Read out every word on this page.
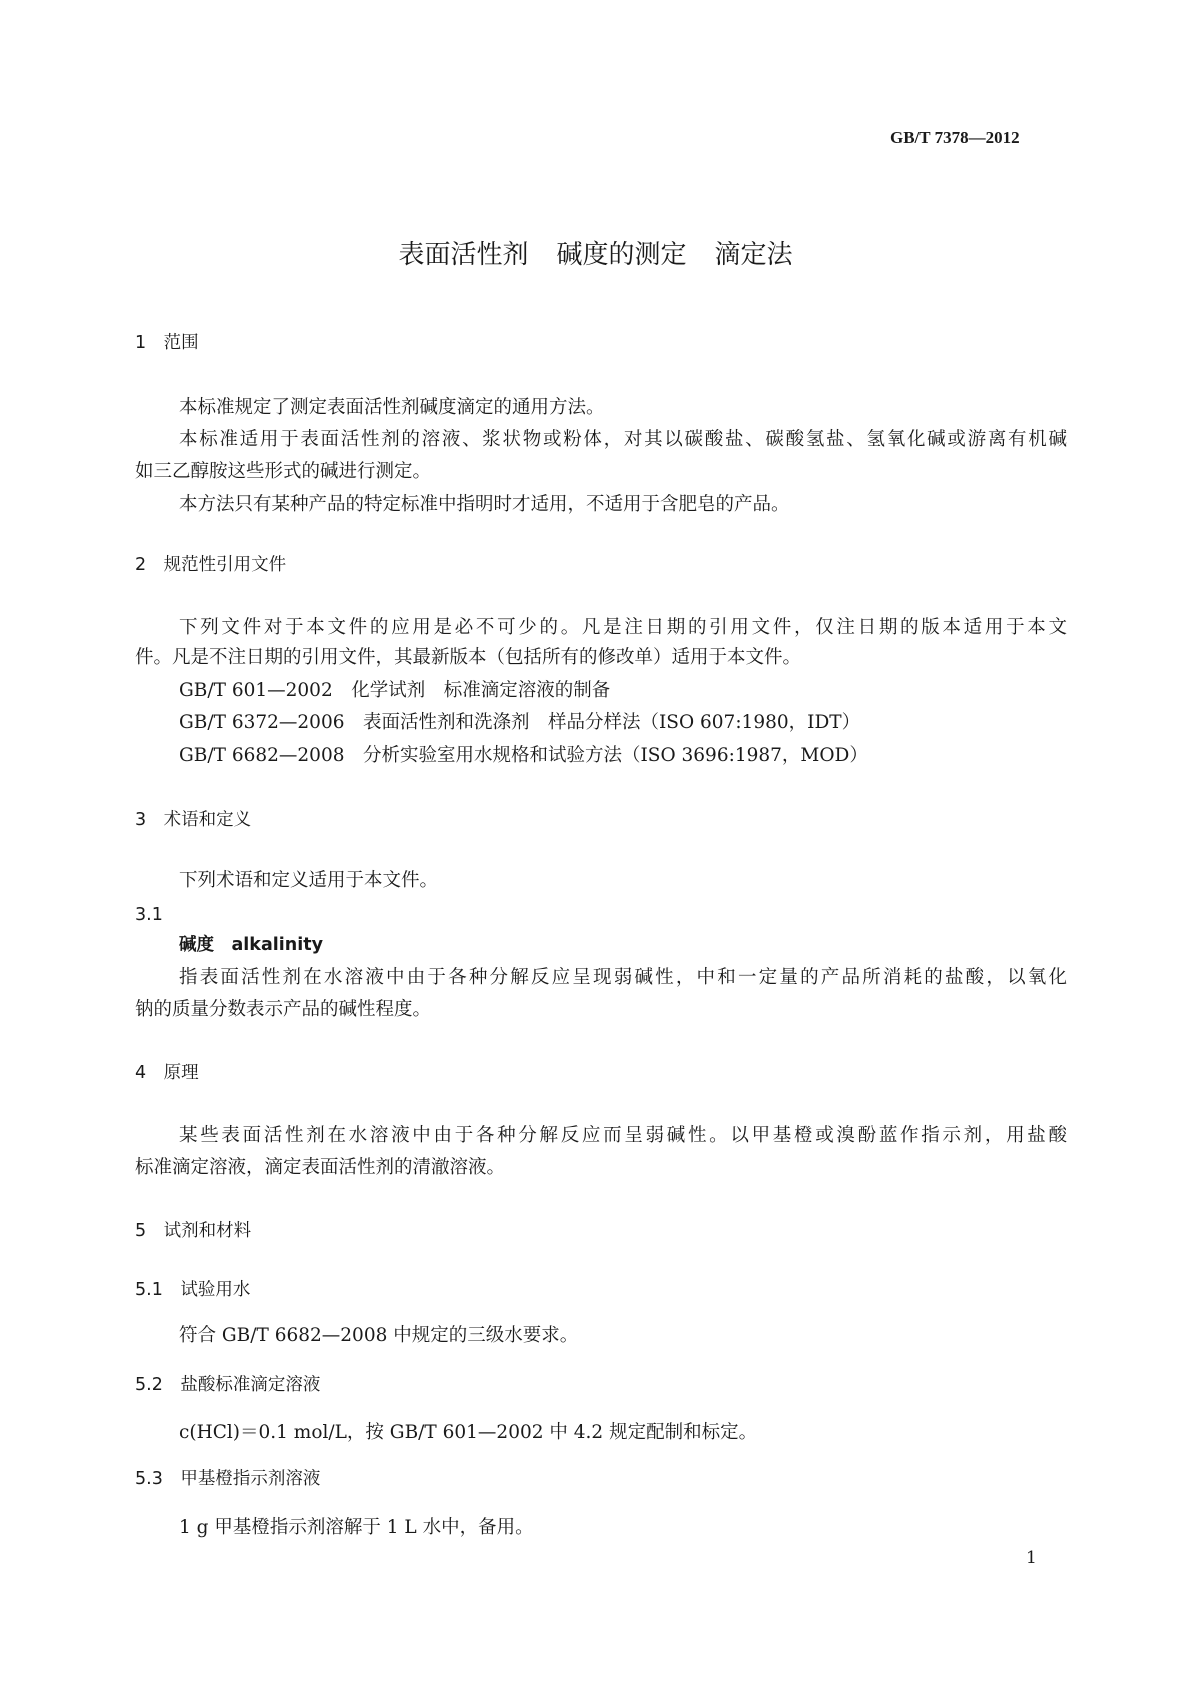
GB/T 7378—2012
表面活性剂 碱度的测定 滴定法
1　范围
本标准规定了测定表面活性剂碱度滴定的通用方法。
本标准适用于表面活性剂的溶液、浆状物或粉体，对其以碳酸盐、碳酸氢盐、氢氧化碱或游离有机碱
如三乙醇胺这些形式的碱进行测定。
本方法只有某种产品的特定标准中指明时才适用，不适用于含肥皂的产品。
2　规范性引用文件
下列文件对于本文件的应用是必不可少的。凡是注日期的引用文件，仅注日期的版本适用于本文
件。凡是不注日期的引用文件，其最新版本（包括所有的修改单）适用于本文件。
GB/T 601—2002　化学试剂　标准滴定溶液的制备
GB/T 6372—2006　表面活性剂和洗涤剂　样品分样法（ISO 607:1980，IDT）
GB/T 6682—2008　分析实验室用水规格和试验方法（ISO 3696:1987，MOD）
3　术语和定义
下列术语和定义适用于本文件。
3.1
碱度　alkalinity
指表面活性剂在水溶液中由于各种分解反应呈现弱碱性，中和一定量的产品所消耗的盐酸，以氧化
钠的质量分数表示产品的碱性程度。
4　原理
某些表面活性剂在水溶液中由于各种分解反应而呈弱碱性。以甲基橙或溴酚蓝作指示剂，用盐酸
标准滴定溶液，滴定表面活性剂的清澈溶液。
5　试剂和材料
5.1　试验用水
符合 GB/T 6682—2008 中规定的三级水要求。
5.2　盐酸标准滴定溶液
c(HCl)＝0.1 mol/L，按 GB/T 601—2002 中 4.2 规定配制和标定。
5.3　甲基橙指示剂溶液
1 g 甲基橙指示剂溶解于 1 L 水中，备用。
1
